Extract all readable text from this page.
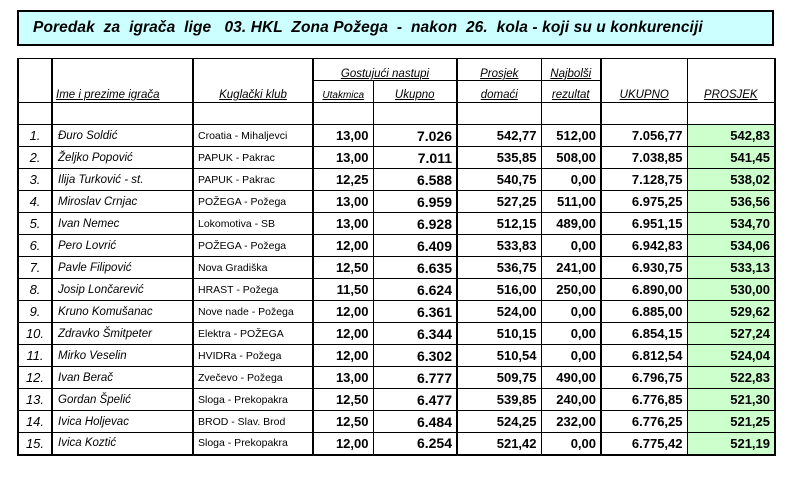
Poredak  za  igrača  lige   03. HKL  Zona Požega  -  nakon  26.  kola - koji su u konkurenciji
	Ime i prezime igrača	Kuglački klub	Gostujući nastupi		Prosjek	Najbolši	UKUPNO	PROSJEK
			Utakmica	Ukupno	domaći	rezultat		

1.	Đuro Soldić	Croatia - Mihaljevci	13,00	7.026	542,77	512,00	7.056,77	542,83
2.	Željko Popović	PAPUK - Pakrac	13,00	7.011	535,85	508,00	7.038,85	541,45
3.	Ilija Turković - st.	PAPUK - Pakrac	12,25	6.588	540,75	0,00	7.128,75	538,02
4.	Miroslav Crnjac	POŽEGA - Požega	13,00	6.959	527,25	511,00	6.975,25	536,56
5.	Ivan Nemec	Lokomotiva - SB	13,00	6.928	512,15	489,00	6.951,15	534,70
6.	Pero Lovrić	POŽEGA - Požega	12,00	6.409	533,83	0,00	6.942,83	534,06
7.	Pavle Filipović	Nova Gradiška	12,50	6.635	536,75	241,00	6.930,75	533,13
8.	Josip Lončarević	HRAST - Požega	11,50	6.624	516,00	250,00	6.890,00	530,00
9.	Kruno Komušanac	Nove nade - Požega	12,00	6.361	524,00	0,00	6.885,00	529,62
10.	Zdravko Šmitpeter	Elektra - POŽEGA	12,00	6.344	510,15	0,00	6.854,15	527,24
11.	Mirko Veselin	HVIDRa - Požega	12,00	6.302	510,54	0,00	6.812,54	524,04
12.	Ivan Berač	Zvečevo - Požega	13,00	6.777	509,75	490,00	6.796,75	522,83
13.	Gordan Špelić	Sloga - Prekopakra	12,50	6.477	539,85	240,00	6.776,85	521,30
14.	Ivica Holjevac	BROD - Slav. Brod	12,50	6.484	524,25	232,00	6.776,25	521,25
15.	Ivica Koztić	Sloga - Prekopakra	12,00	6.254	521,42	0,00	6.775,42	521,19
